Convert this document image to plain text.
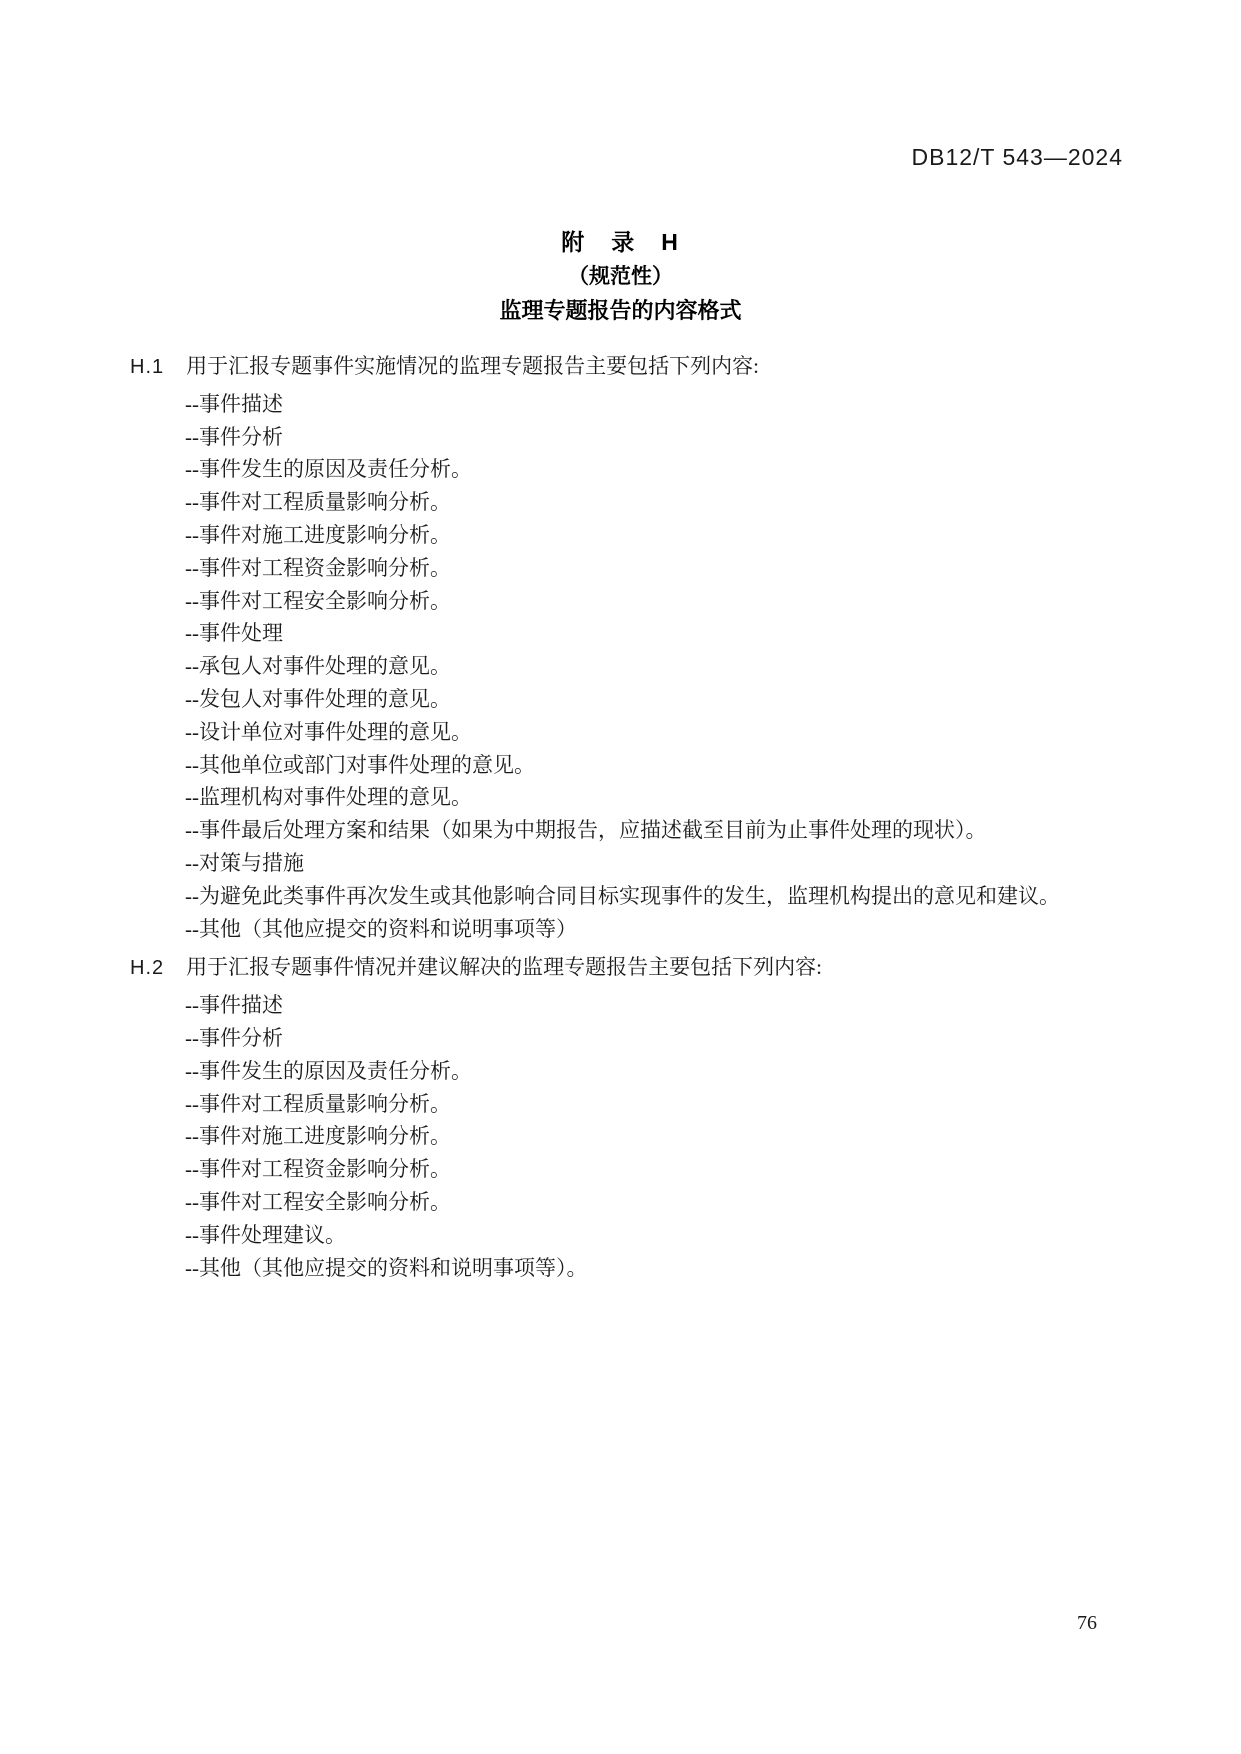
DB12/T 543—2024
附　录　H
（规范性）
监理专题报告的内容格式

H.1 用于汇报专题事件实施情况的监理专题报告主要包括下列内容:

--事件描述
--事件分析
--事件发生的原因及责任分析。
--事件对工程质量影响分析。
--事件对施工进度影响分析。
--事件对工程资金影响分析。
--事件对工程安全影响分析。
--事件处理
--承包人对事件处理的意见。
--发包人对事件处理的意见。
--设计单位对事件处理的意见。
--其他单位或部门对事件处理的意见。
--监理机构对事件处理的意见。
--事件最后处理方案和结果（如果为中期报告，应描述截至目前为止事件处理的现状）。
--对策与措施
--为避免此类事件再次发生或其他影响合同目标实现事件的发生，监理机构提出的意见和建议。
--其他（其他应提交的资料和说明事项等）

H.2 用于汇报专题事件情况并建议解决的监理专题报告主要包括下列内容:

--事件描述
--事件分析
--事件发生的原因及责任分析。
--事件对工程质量影响分析。
--事件对施工进度影响分析。
--事件对工程资金影响分析。
--事件对工程安全影响分析。
--事件处理建议。
--其他（其他应提交的资料和说明事项等）。
76
